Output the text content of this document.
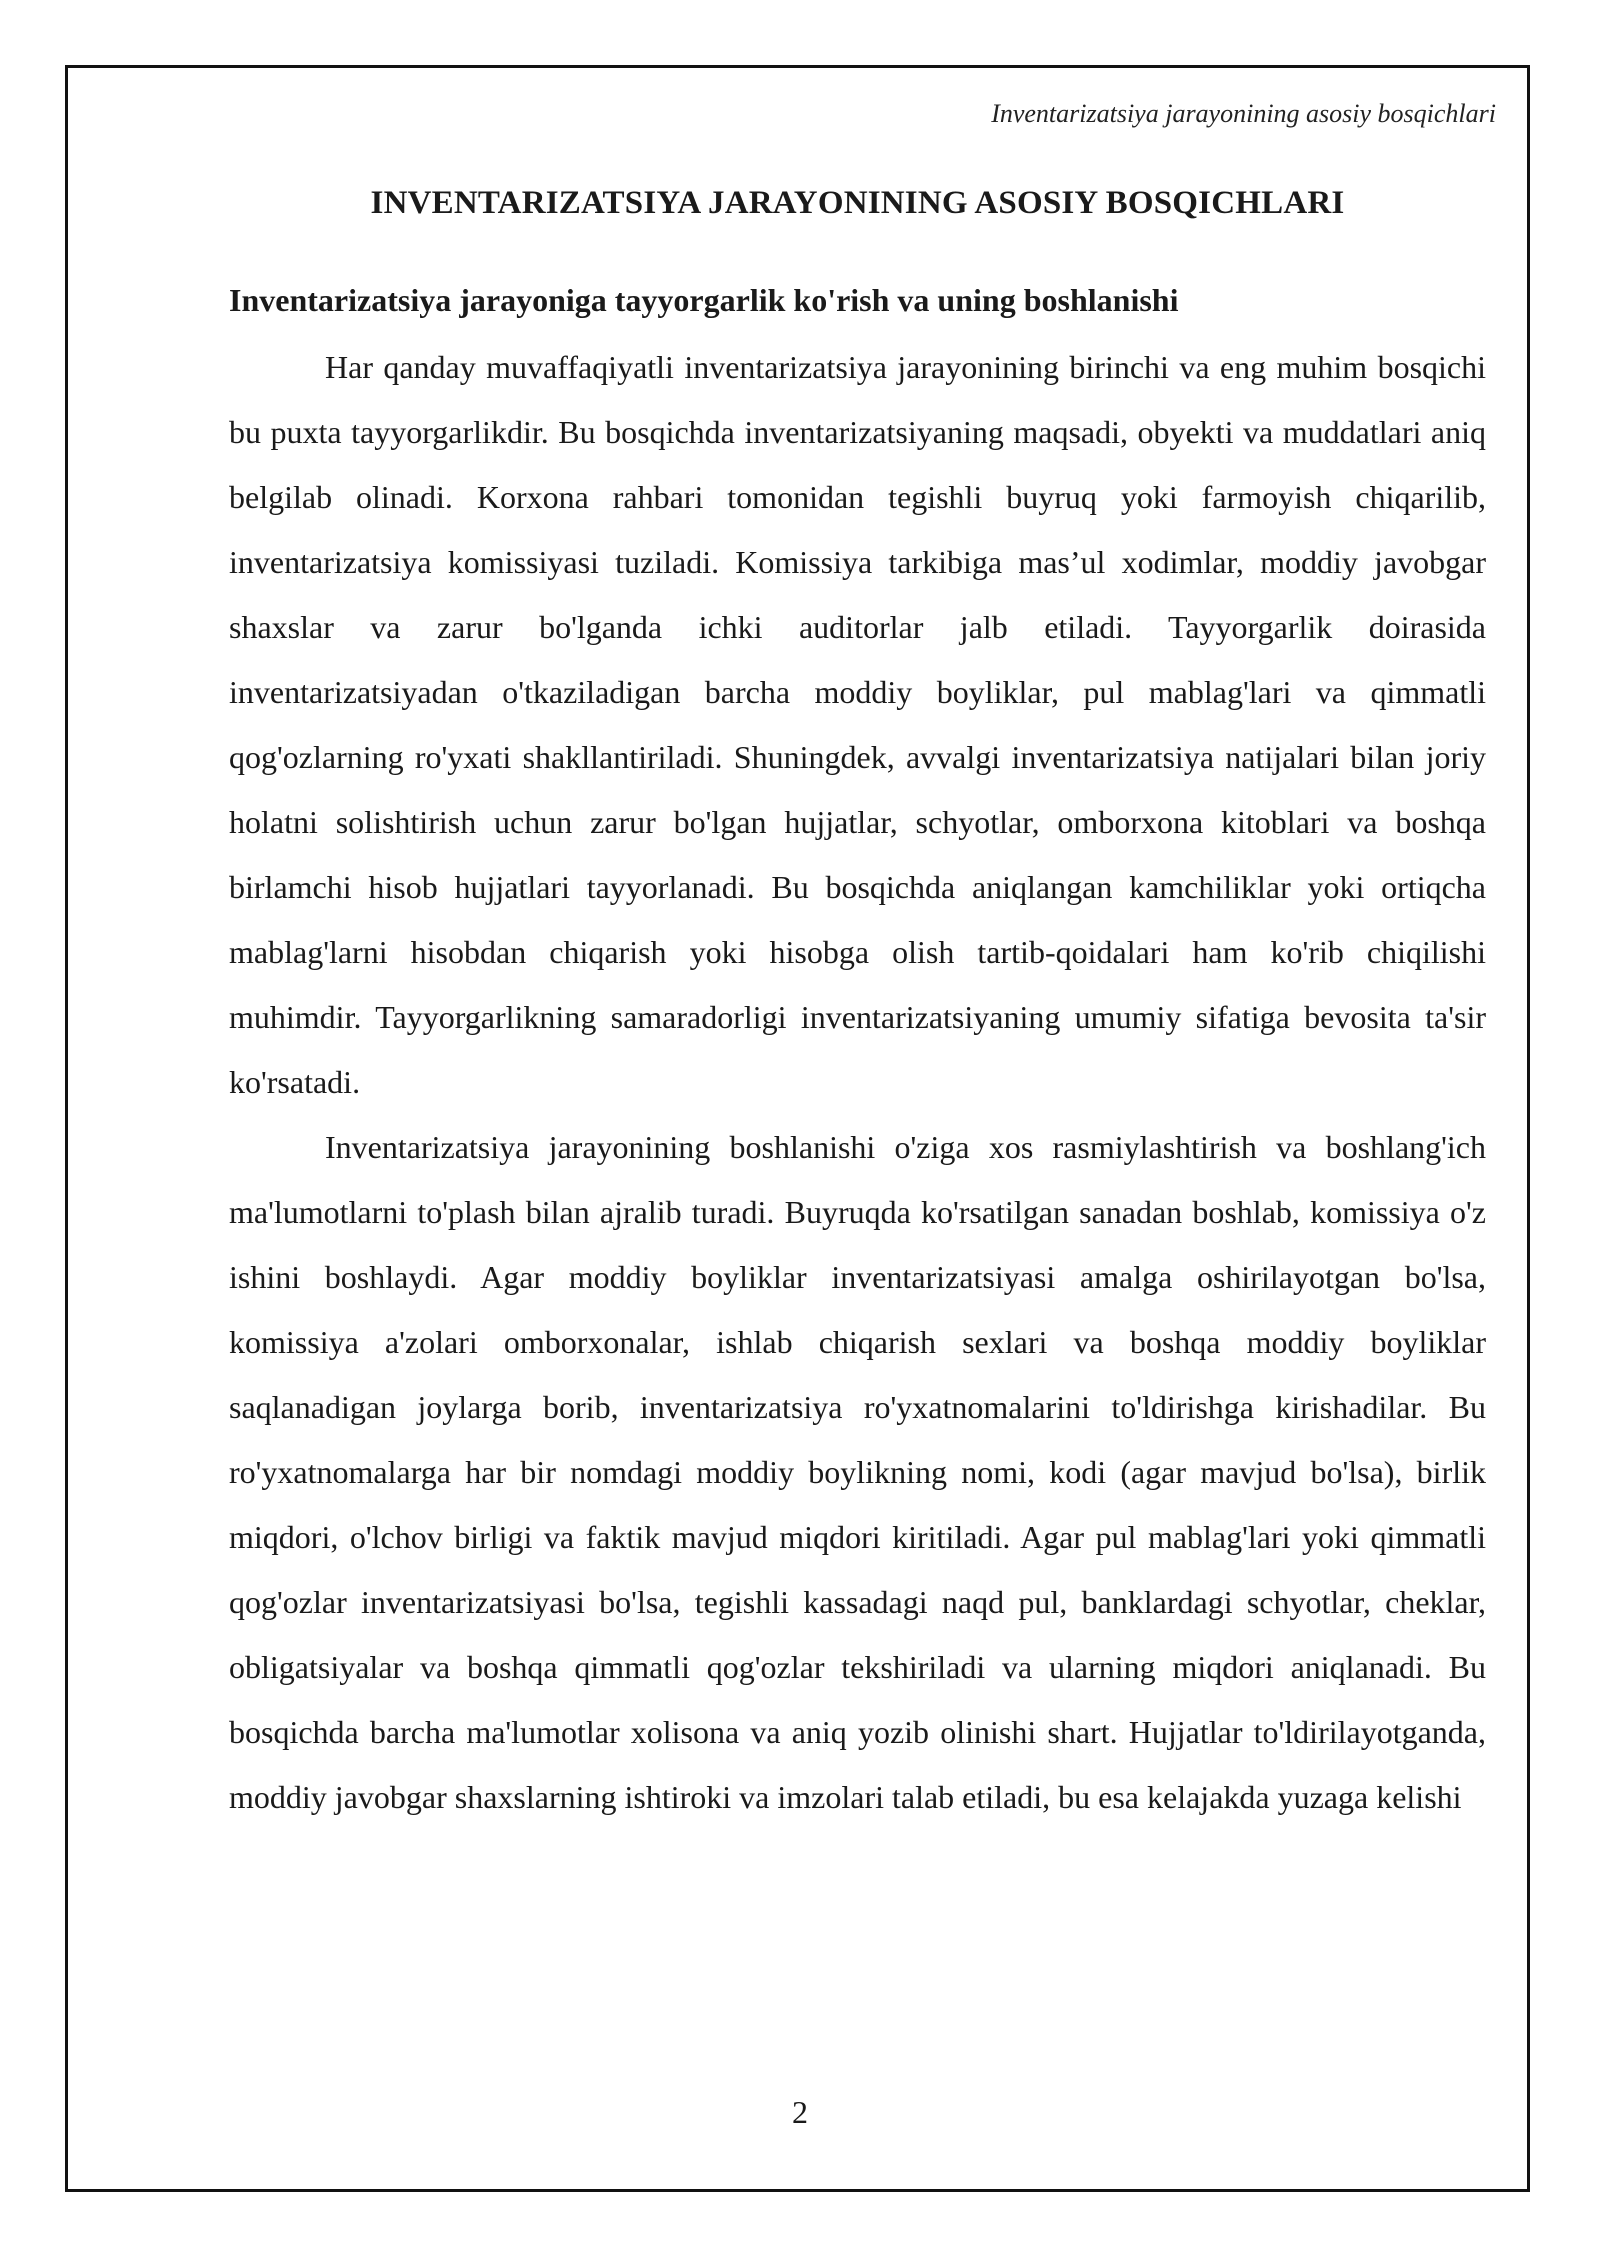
Inventarizatsiya jarayonining asosiy bosqichlari
INVENTARIZATSIYA JARAYONINING ASOSIY BOSQICHLARI
Inventarizatsiya jarayoniga tayyorgarlik ko'rish va uning boshlanishi

Har qanday muvaffaqiyatli inventarizatsiya jarayonining birinchi va eng muhim bosqichi bu puxta tayyorgarlikdir. Bu bosqichda inventarizatsiyaning maqsadi, obyekti va muddatlari aniq belgilab olinadi. Korxona rahbari tomonidan tegishli buyruq yoki farmoyish chiqarilib, inventarizatsiya komissiyasi tuziladi. Komissiya tarkibiga mas’ul xodimlar, moddiy javobgar shaxslar va zarur bo'lganda ichki auditorlar jalb etiladi. Tayyorgarlik doirasida inventarizatsiyadan o'tkaziladigan barcha moddiy boyliklar, pul mablag'lari va qimmatli qog'ozlarning ro'yxati shakllantiriladi. Shuningdek, avvalgi inventarizatsiya natijalari bilan joriy holatni solishtirish uchun zarur bo'lgan hujjatlar, schyotlar, omborxona kitoblari va boshqa birlamchi hisob hujjatlari tayyorlanadi. Bu bosqichda aniqlangan kamchiliklar yoki ortiqcha mablag'larni hisobdan chiqarish yoki hisobga olish tartib-qoidalari ham ko'rib chiqilishi muhimdir. Tayyorgarlikning samaradorligi inventarizatsiyaning umumiy sifatiga bevosita ta'sir ko'rsatadi.

Inventarizatsiya jarayonining boshlanishi o'ziga xos rasmiylashtirish va boshlang'ich ma'lumotlarni to'plash bilan ajralib turadi. Buyruqda ko'rsatilgan sanadan boshlab, komissiya o'z ishini boshlaydi. Agar moddiy boyliklar inventarizatsiyasi amalga oshirilayotgan bo'lsa, komissiya a'zolari omborxonalar, ishlab chiqarish sexlari va boshqa moddiy boyliklar saqlanadigan joylarga borib, inventarizatsiya ro'yxatnomalarini to'ldirishga kirishadilar. Bu ro'yxatnomalarga har bir nomdagi moddiy boylikning nomi, kodi (agar mavjud bo'lsa), birlik miqdori, o'lchov birligi va faktik mavjud miqdori kiritiladi. Agar pul mablag'lari yoki qimmatli qog'ozlar inventarizatsiyasi bo'lsa, tegishli kassadagi naqd pul, banklardagi schyotlar, cheklar, obligatsiyalar va boshqa qimmatli qog'ozlar tekshiriladi va ularning miqdori aniqlanadi. Bu bosqichda barcha ma'lumotlar xolisona va aniq yozib olinishi shart. Hujjatlar to'ldirilayotganda, moddiy javobgar shaxslarning ishtiroki va imzolari talab etiladi, bu esa kelajakda yuzaga kelishi

2
